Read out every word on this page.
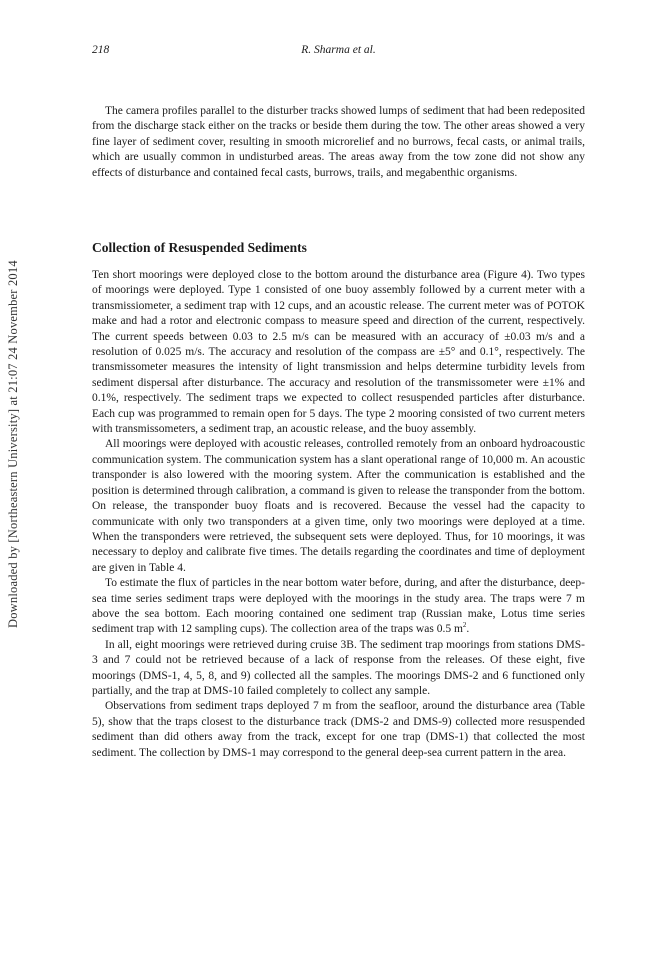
Downloaded by [Northeastern University] at 21:07 24 November 2014
218	R. Sharma et al.

The camera profiles parallel to the disturber tracks showed lumps of sediment that had been redeposited from the discharge stack either on the tracks or beside them during the tow. The other areas showed a very fine layer of sediment cover, resulting in smooth microrelief and no burrows, fecal casts, or animal trails, which are usually common in undisturbed areas. The areas away from the tow zone did not show any effects of disturbance and contained fecal casts, burrows, trails, and megabenthic organisms.

Collection of Resuspended Sediments

Ten short moorings were deployed close to the bottom around the disturbance area (Figure 4). Two types of moorings were deployed. Type 1 consisted of one buoy assembly followed by a current meter with a transmissiometer, a sediment trap with 12 cups, and an acoustic release. The current meter was of POTOK make and had a rotor and electronic compass to measure speed and direction of the current, respectively. The current speeds between 0.03 to 2.5 m/s can be measured with an accuracy of ±0.03 m/s and a resolution of 0.025 m/s. The accuracy and resolution of the compass are ±5° and 0.1°, respectively. The transmissometer measures the intensity of light transmission and helps determine turbidity levels from sediment dispersal after disturbance. The accuracy and resolution of the transmissometer were ±1% and 0.1%, respectively. The sediment traps we expected to collect resuspended particles after disturbance. Each cup was programmed to remain open for 5 days. The type 2 mooring consisted of two current meters with transmissometers, a sediment trap, an acoustic release, and the buoy assembly.

All moorings were deployed with acoustic releases, controlled remotely from an onboard hydroacoustic communication system. The communication system has a slant operational range of 10,000 m. An acoustic transponder is also lowered with the mooring system. After the communication is established and the position is determined through calibration, a command is given to release the transponder from the bottom. On release, the transponder buoy floats and is recovered. Because the vessel had the capacity to communicate with only two transponders at a given time, only two moorings were deployed at a time. When the transponders were retrieved, the subsequent sets were deployed. Thus, for 10 moorings, it was necessary to deploy and calibrate five times. The details regarding the coordinates and time of deployment are given in Table 4.

To estimate the flux of particles in the near bottom water before, during, and after the disturbance, deep-sea time series sediment traps were deployed with the moorings in the study area. The traps were 7 m above the sea bottom. Each mooring contained one sediment trap (Russian make, Lotus time series sediment trap with 12 sampling cups). The collection area of the traps was 0.5 $m^2$.

In all, eight moorings were retrieved during cruise 3B. The sediment trap moorings from stations DMS-3 and 7 could not be retrieved because of a lack of response from the releases. Of these eight, five moorings (DMS-1, 4, 5, 8, and 9) collected all the samples. The moorings DMS-2 and 6 functioned only partially, and the trap at DMS-10 failed completely to collect any sample.

Observations from sediment traps deployed 7 m from the seafloor, around the disturbance area (Table 5), show that the traps closest to the disturbance track (DMS-2 and DMS-9) collected more resuspended sediment than did others away from the track, except for one trap (DMS-1) that collected the most sediment. The collection by DMS-1 may correspond to the general deep-sea current pattern in the area.
